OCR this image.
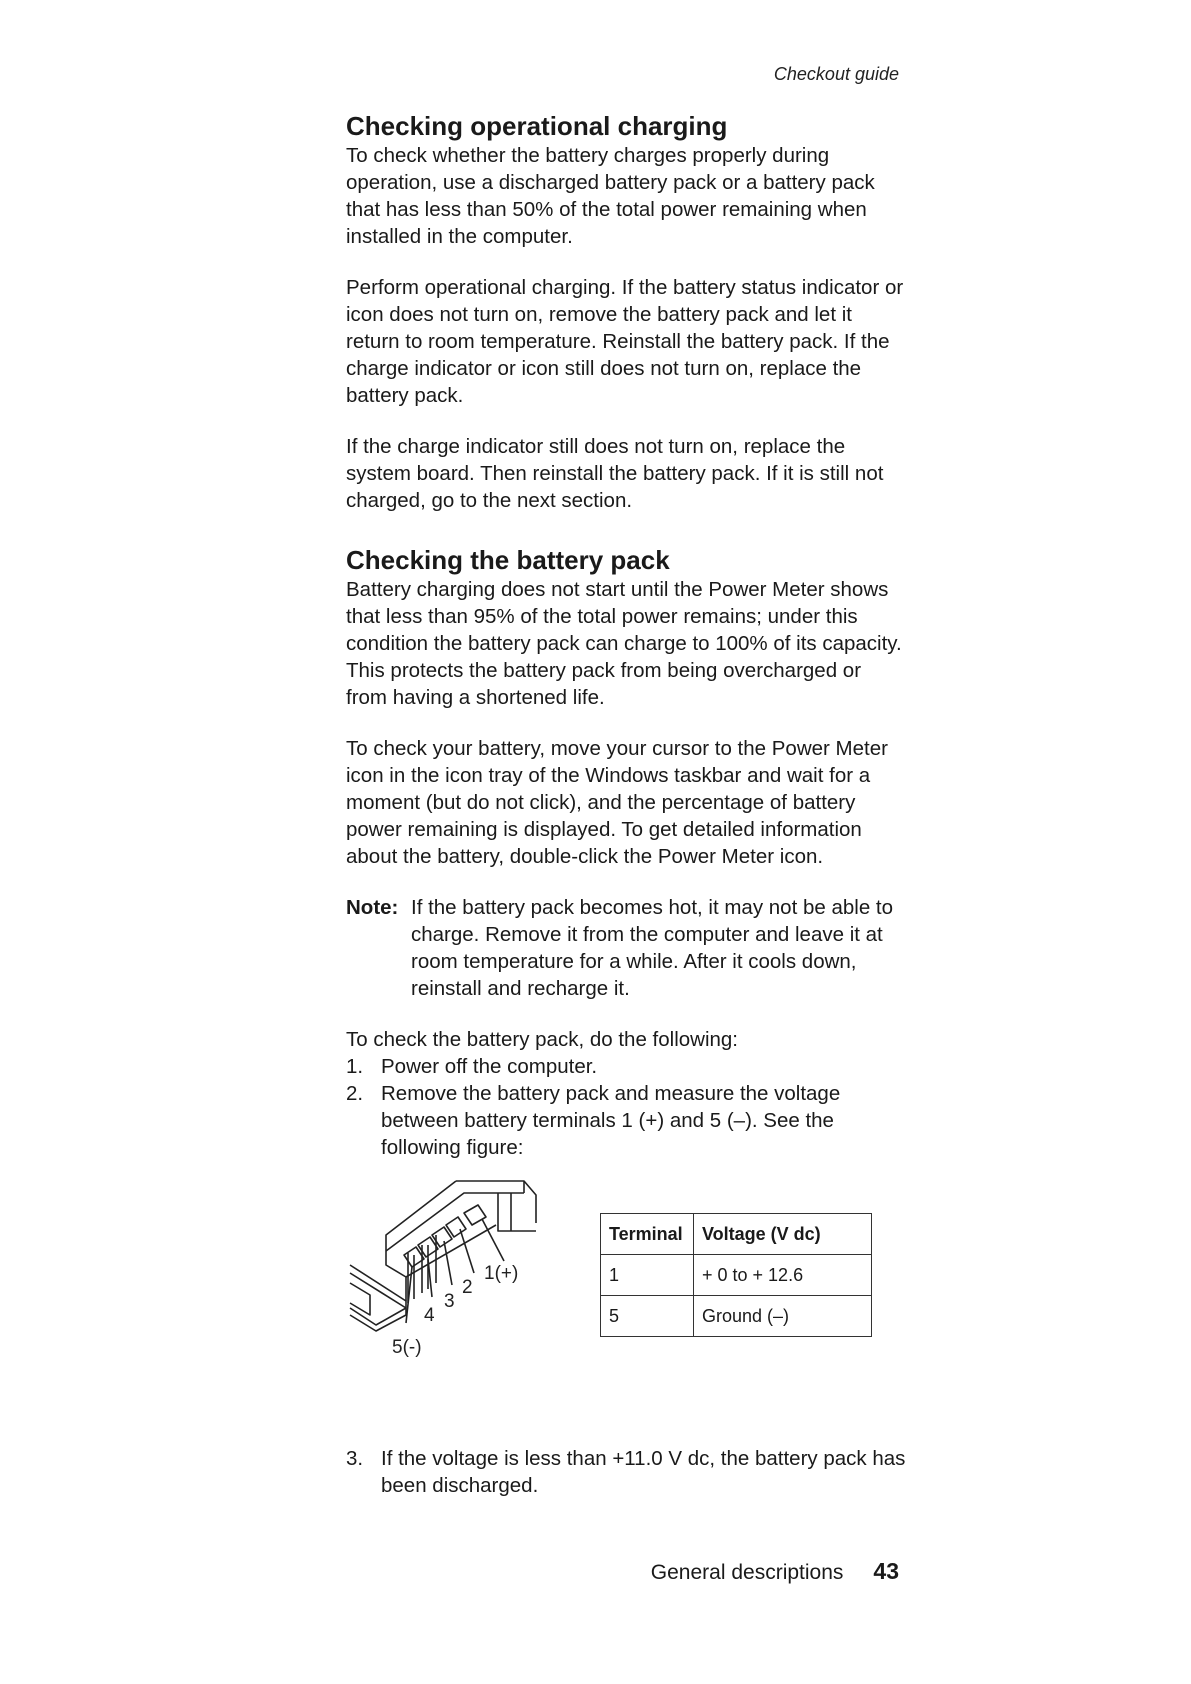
Checkout guide
Checking operational charging

To check whether the battery charges properly during operation, use a discharged battery pack or a battery pack that has less than 50% of the total power remaining when installed in the computer.

Perform operational charging. If the battery status indicator or icon does not turn on, remove the battery pack and let it return to room temperature. Reinstall the battery pack. If the charge indicator or icon still does not turn on, replace the battery pack.

If the charge indicator still does not turn on, replace the system board. Then reinstall the battery pack. If it is still not charged, go to the next section.

Checking the battery pack

Battery charging does not start until the Power Meter shows that less than 95% of the total power remains; under this condition the battery pack can charge to 100% of its capacity. This protects the battery pack from being overcharged or from having a shortened life.

To check your battery, move your cursor to the Power Meter icon in the icon tray of the Windows taskbar and wait for a moment (but do not click), and the percentage of battery power remaining is displayed. To get detailed information about the battery, double-click the Power Meter icon.

Note: If the battery pack becomes hot, it may not be able to charge. Remove it from the computer and leave it at room temperature for a while. After it cools down, reinstall and recharge it.
To check the battery pack, do the following:
1. Power off the computer.
2. Remove the battery pack and measure the voltage between battery terminals 1 (+) and 5 (–). See the following figure:
1(+)
2
3
4
5(-)
Terminal	Voltage (V dc)
1	+ 0 to + 12.6
5	Ground (–)
3. If the voltage is less than +11.0 V dc, the battery pack has been discharged.
General descriptions 43
